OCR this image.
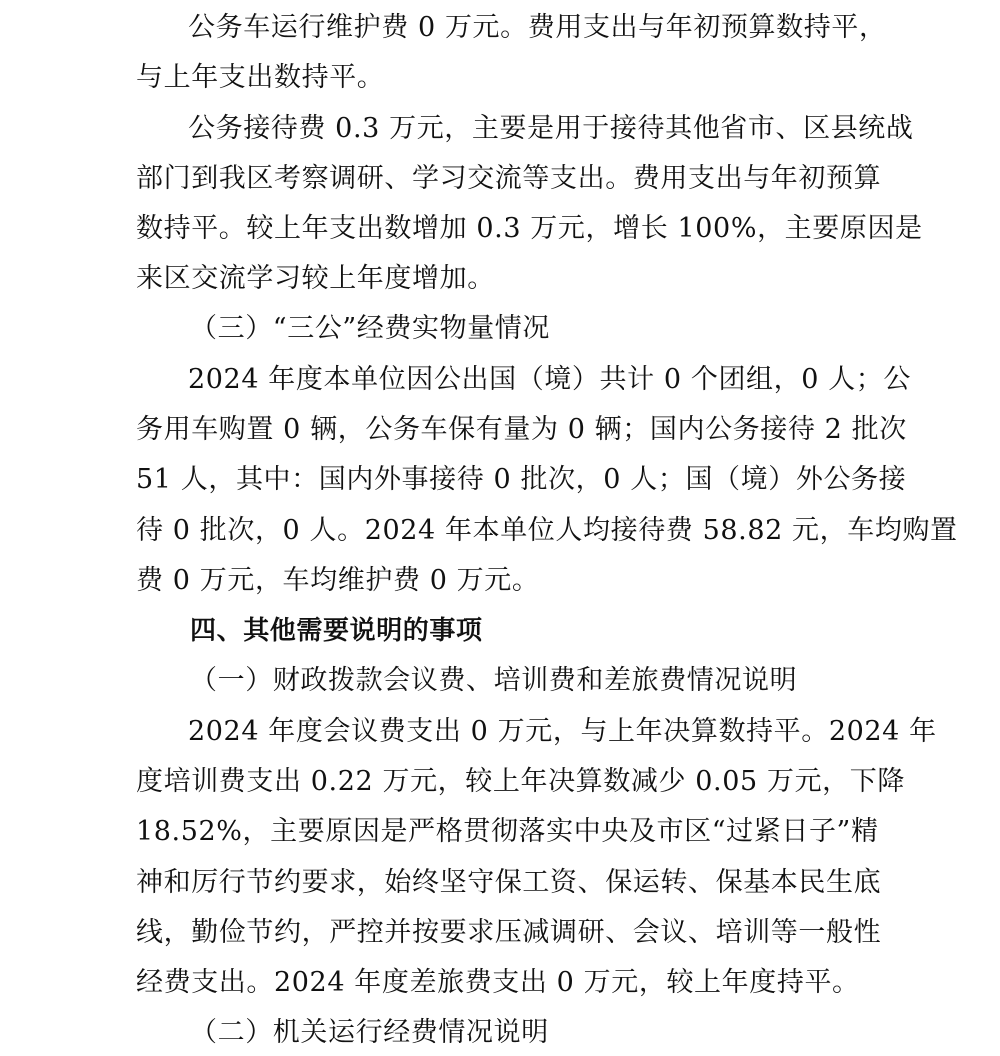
公务车运行维护费 0 万元。费用支出与年初预算数持平，
与上年支出数持平。
公务接待费 0.3 万元，主要是用于接待其他省市、区县统战
部门到我区考察调研、学习交流等支出。费用支出与年初预算
数持平。较上年支出数增加 0.3 万元，增长 100%，主要原因是
来区交流学习较上年度增加。
（三）“三公”经费实物量情况
2024 年度本单位因公出国（境）共计 0 个团组，0 人；公
务用车购置 0 辆，公务车保有量为 0 辆；国内公务接待 2 批次
51 人，其中：国内外事接待 0 批次，0 人；国（境）外公务接
待 0 批次，0 人。2024 年本单位人均接待费 58.82 元，车均购置
费 0 万元，车均维护费 0 万元。
四、其他需要说明的事项
（一）财政拨款会议费、培训费和差旅费情况说明
2024 年度会议费支出 0 万元，与上年决算数持平。2024 年
度培训费支出 0.22 万元，较上年决算数减少 0.05 万元，下降
18.52%，主要原因是严格贯彻落实中央及市区“过紧日子”精
神和厉行节约要求，始终坚守保工资、保运转、保基本民生底
线，勤俭节约，严控并按要求压减调研、会议、培训等一般性
经费支出。2024 年度差旅费支出 0 万元，较上年度持平。
（二）机关运行经费情况说明
